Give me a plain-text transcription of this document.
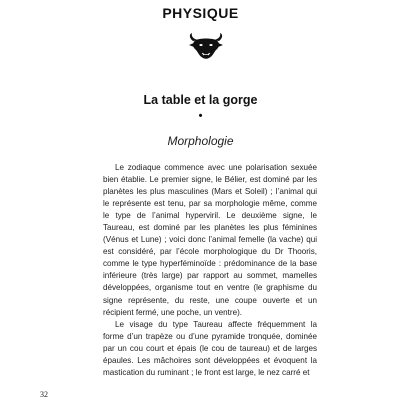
PHYSIQUE
La table et la gorge
•
Morphologie

Le zodiaque commence avec une polarisation sexuée bien établie. Le premier signe, le Bélier, est dominé par les planètes les plus masculines (Mars et Soleil) ; l’animal qui le représente est tenu, par sa morphologie même, comme le type de l’animal hyperviril. Le deuxième signe, le Taureau, est dominé par les planètes les plus féminines (Vénus et Lune) ; voici donc l’animal femelle (la vache) qui est considéré, par l’école morphologique du Dr Thooris, comme le type hyperféminoïde : prédominance de la base inférieure (très large) par rapport au sommet, mamelles développées, organisme tout en ventre (le graphisme du signe représente, du reste, une coupe ouverte et un récipient fermé, une poche, un ventre).

Le visage du type Taureau affecte fréquemment la forme d’un trapèze ou d’une pyramide tronquée, dominée par un cou court et épais (le cou de taureau) et de larges épaules. Les mâchoires sont développées et évoquent la mastication du ruminant ; le front est large, le nez carré et

32
